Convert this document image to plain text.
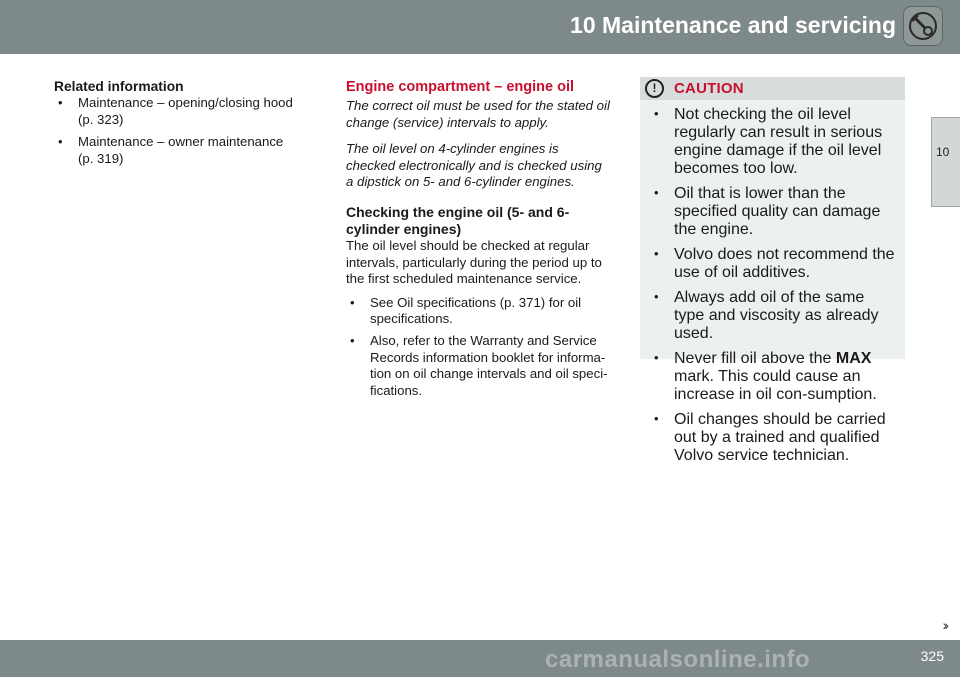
10 Maintenance and servicing
10

Related information

• Maintenance – opening/closing hood (p. 323)
• Maintenance – owner maintenance (p. 319)

Engine compartment – engine oil

The correct oil must be used for the stated oil change (service) intervals to apply.

The oil level on 4-cylinder engines is checked electronically and is checked using a dipstick on 5- and 6-cylinder engines.

Checking the engine oil (5- and 6-cylinder engines)

The oil level should be checked at regular intervals, particularly during the period up to the first scheduled maintenance service.

• See Oil specifications (p. 371) for oil specifications.
• Also, refer to the Warranty and Service Records information booklet for informa-tion on oil change intervals and oil speci-fications.
!	CAUTION
• Not checking the oil level regularly can result in serious engine damage if the oil level becomes too low.
• Oil that is lower than the specified quality can damage the engine.
• Volvo does not recommend the use of oil additives.
• Always add oil of the same type and viscosity as already used.
• Never fill oil above the MAX mark. This could cause an increase in oil con-sumption.
• Oil changes should be carried out by a trained and qualified Volvo service technician.
››
carmanualsonline.info	325
